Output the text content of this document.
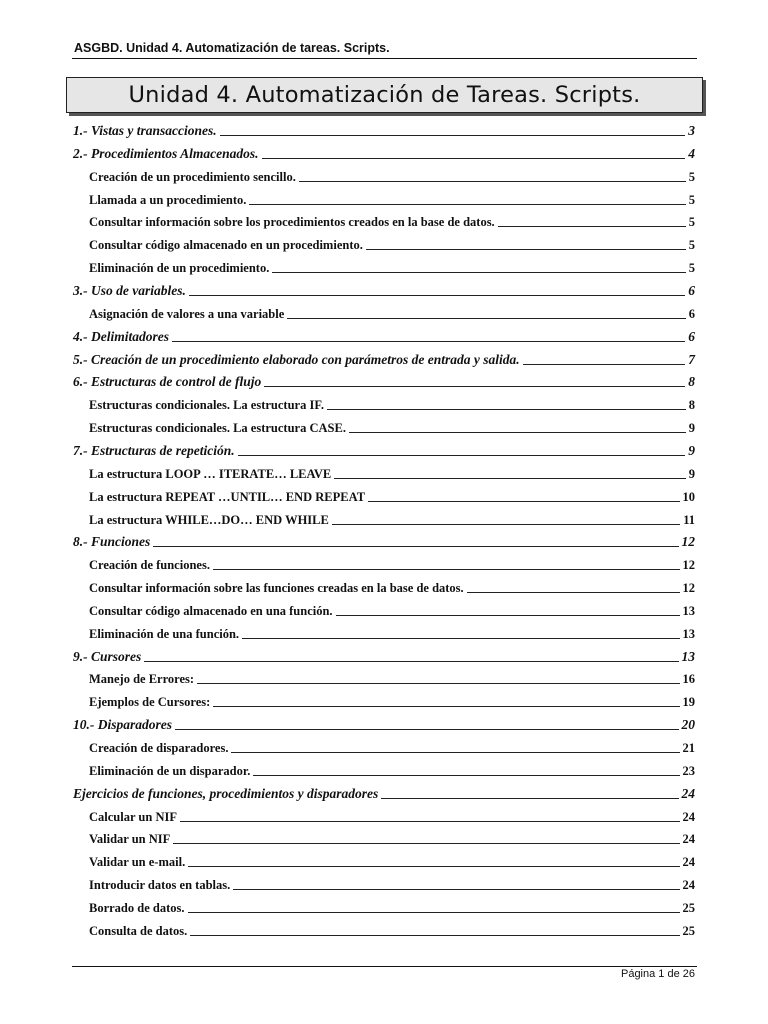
ASGBD. Unidad 4. Automatización de tareas. Scripts.
Unidad 4. Automatización de Tareas. Scripts.
1.- Vistas y transacciones.	3
2.- Procedimientos Almacenados.	4
Creación de un procedimiento sencillo.	5
Llamada a un procedimiento.	5
Consultar información sobre los procedimientos creados en la base de datos.	5
Consultar código almacenado en un procedimiento.	5
Eliminación de un procedimiento.	5
3.- Uso de variables.	6
Asignación de valores a una variable	6
4.- Delimitadores	6
5.- Creación de un procedimiento elaborado con parámetros de entrada y salida.	7
6.- Estructuras de control de flujo	8
Estructuras condicionales. La estructura IF.	8
Estructuras condicionales. La estructura CASE.	9
7.- Estructuras de repetición.	9
La estructura LOOP … ITERATE… LEAVE	9
La estructura REPEAT …UNTIL… END REPEAT	10
La estructura WHILE…DO… END WHILE	11
8.- Funciones	12
Creación de funciones.	12
Consultar información sobre las funciones creadas en la base de datos.	12
Consultar código almacenado en una función.	13
Eliminación de una función.	13
9.- Cursores	13
Manejo de Errores:	16
Ejemplos de Cursores:	19
10.- Disparadores	20
Creación de disparadores.	21
Eliminación de un disparador.	23
Ejercicios de funciones, procedimientos y disparadores	24
Calcular un NIF	24
Validar un NIF	24
Validar un e-mail.	24
Introducir datos en tablas.	24
Borrado de datos.	25
Consulta de datos.	25
Página 1 de 26
